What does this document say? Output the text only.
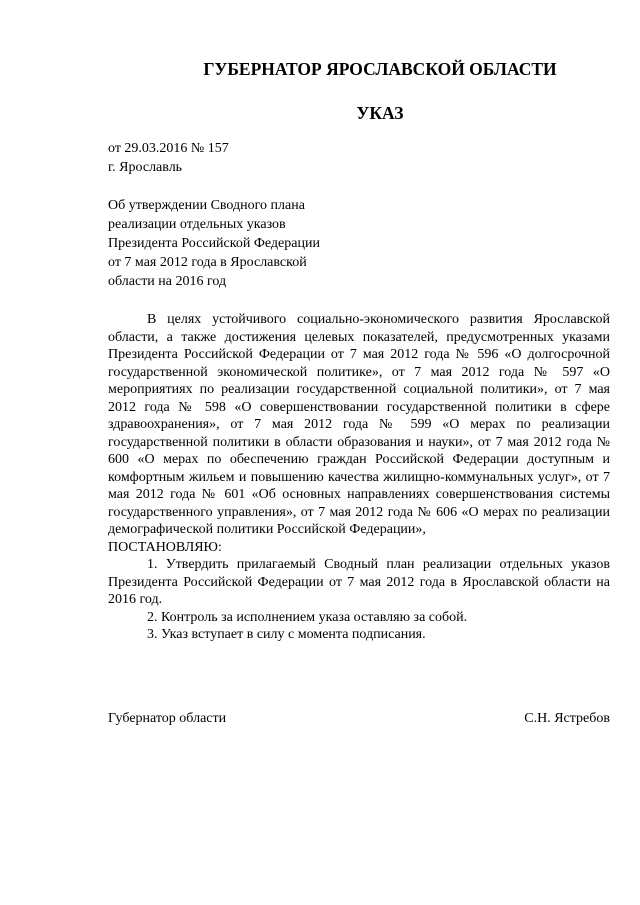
ГУБЕРНАТОР ЯРОСЛАВСКОЙ ОБЛАСТИ
УКАЗ
от 29.03.2016 № 157
г. Ярославль
Об утверждении Сводного плана
реализации отдельных указов
Президента Российской Федерации
от 7 мая 2012 года в Ярославской
области на 2016 год

В целях устойчивого социально-экономического развития Ярославской области, а также достижения целевых показателей, предусмотренных указами Президента Российской Федерации от 7 мая 2012 года № 596 «О долгосрочной государственной экономической политике», от 7 мая 2012 года № 597 «О мероприятиях по реализации государственной социальной политики», от 7 мая 2012 года № 598 «О совершенствовании государственной политики в сфере здравоохранения», от 7 мая 2012 года № 599 «О мерах по реализации государственной политики в области образования и науки», от 7 мая 2012 года № 600 «О мерах по обеспечению граждан Российской Федерации доступным и комфортным жильем и повышению качества жилищно-коммунальных услуг», от 7 мая 2012 года № 601 «Об основных направлениях совершенствования системы государственного управления», от 7 мая 2012 года № 606 «О мерах по реализации демографической политики Российской Федерации»,

ПОСТАНОВЛЯЮ:

1. Утвердить прилагаемый Сводный план реализации отдельных указов Президента Российской Федерации от 7 мая 2012 года в Ярославской области на 2016 год.

2. Контроль за исполнением указа оставляю за собой.

3. Указ вступает в силу с момента подписания.

Губернатор области	С.Н. Ястребов
